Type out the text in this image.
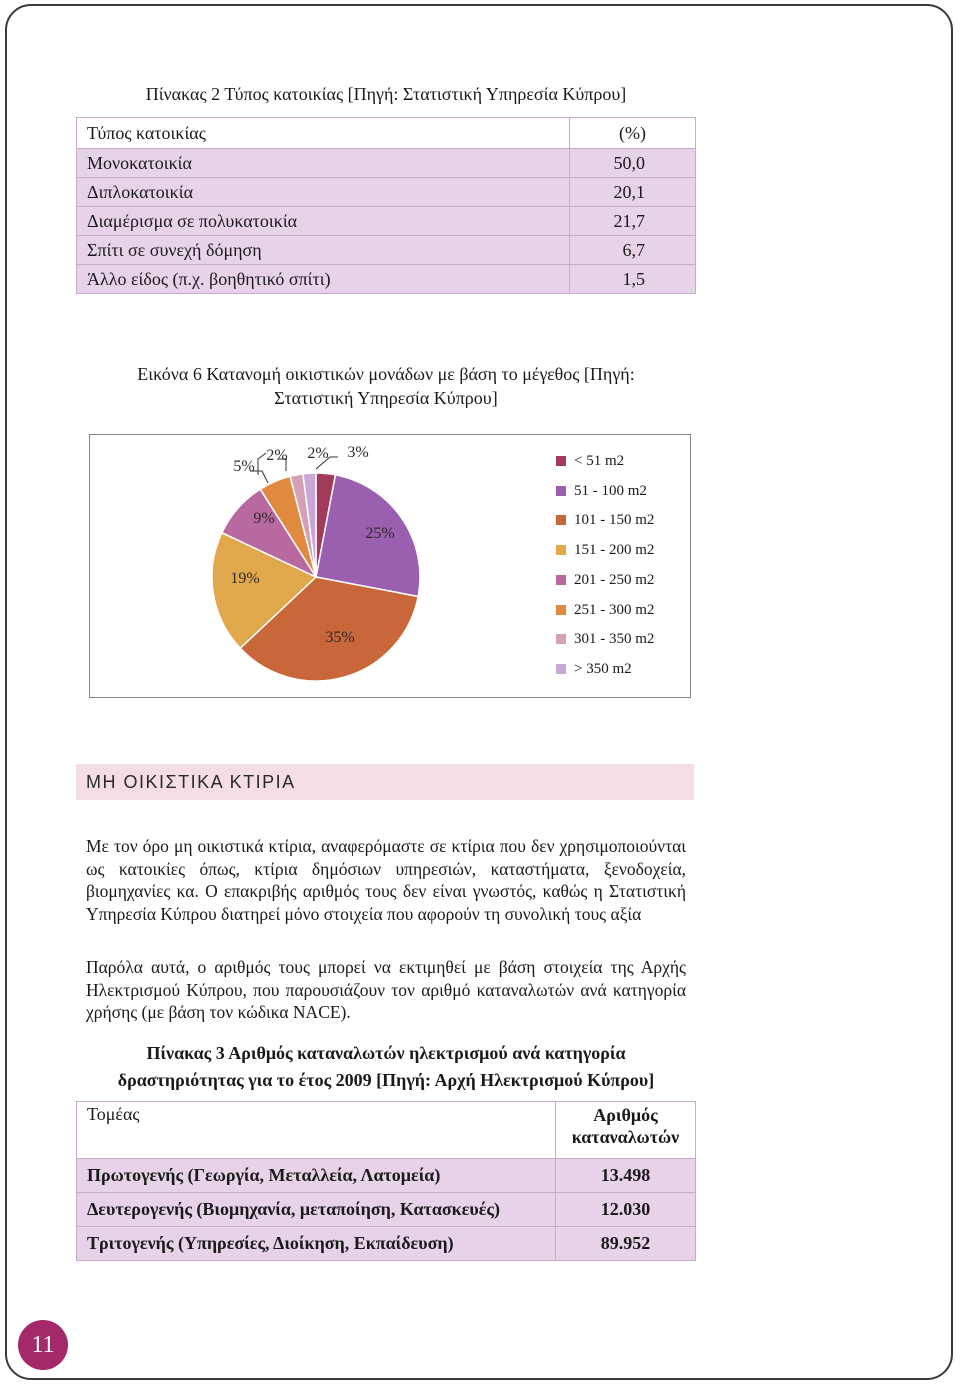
Πίνακας 2 Τύπος κατοικίας [Πηγή: Στατιστική Υπηρεσία Κύπρου]
Τύπος κατοικίας	(%)
Μονοκατοικία	50,0
Διπλοκατοικία	20,1
Διαμέρισμα σε πολυκατοικία	21,7
Σπίτι σε συνεχή δόμηση	6,7
Άλλο είδος (π.χ. βοηθητικό σπίτι)	1,5
Εικόνα 6 Κατανομή οικιστικών μονάδων με βάση το μέγεθος [Πηγή:
Στατιστική Υπηρεσία Κύπρου]
3%
25%
35%
19%
9%
5%
2% 2%	< 51 m2
51 - 100 m2
101 - 150 m2
151 - 200 m2
201 - 250 m2
251 - 300 m2
301 - 350 m2
> 350 m2
ΜΗ ΟΙΚΙΣΤΙΚΑ ΚΤΙΡΙΑ
Με τον όρο μη οικιστικά κτίρια, αναφερόμαστε σε κτίρια που δεν χρησιμοποιούνται ως κατοικίες όπως, κτίρια δημόσιων υπηρεσιών, καταστήματα, ξενοδοχεία, βιομηχανίες κα. Ο επακριβής αριθμός τους δεν είναι γνωστός, καθώς η Στατιστική Υπηρεσία Κύπρου διατηρεί μόνο στοιχεία που αφορούν τη συνολική τους αξία
Παρόλα αυτά, ο αριθμός τους μπορεί να εκτιμηθεί με βάση στοιχεία της Αρχής Ηλεκτρισμού Κύπρου, που παρουσιάζουν τον αριθμό καταναλωτών ανά κατηγορία χρήσης (με βάση τον κώδικα NACE).
Πίνακας 3 Αριθμός καταναλωτών ηλεκτρισμού ανά κατηγορία
δραστηριότητας για το έτος 2009 [Πηγή: Αρχή Ηλεκτρισμού Κύπρου]
Τομέας	Αριθμός
καταναλωτών

Πρωτογενής (Γεωργία, Μεταλλεία, Λατομεία)	13.498
Δευτερογενής (Βιομηχανία, μεταποίηση, Κατασκευές)	12.030
Τριτογενής (Υπηρεσίες, Διοίκηση, Εκπαίδευση)	89.952
11
